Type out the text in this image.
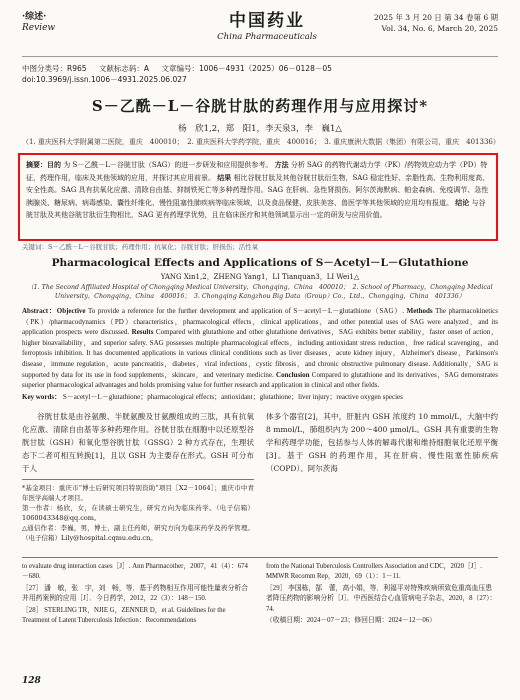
·综述·
Review	中国药业
China Pharmaceuticals
2025 年 3 月 20 日 第 34 卷第 6 期
Vol. 34, No. 6, March 20, 2025
中图分类号：R965 文献标志码：A 文章编号：1006－4931（2025）06－0128－05
doi:10.3969/j.issn.1006－4931.2025.06.027
S－乙酰－L－谷胱甘肽的药理作用与应用探讨*
杨　欣1,2，郑　阳1，李天泉3，李　巍1△
（1. 重庆医科大学附属第二医院，重庆　400010；　2. 重庆医科大学药学院，重庆　400016；　3. 重庆康洲大数据（集团）有限公司，重庆　401336）
摘要：目的 为 S－乙酰－L－谷胱甘肽（SAG）的进一步研发和应用提供参考。 方法 分析 SAG 的药物代谢动力学（PK）/药物效应动力学（PD）特征，药理作用，临床及其他领域的应用，并探讨其应用前景。 结果 相比谷胱甘肽及其他谷胱甘肽衍生物，SAG 稳定性好、亲脂性高、生物利用度高、安全性高。SAG 具有抗氧化应激、清除自由基、抑制铁死亡等多种药理作用。SAG 在肝病、急性肾损伤、阿尔茨海默病、帕金森病、免疫调节、急性胰腺炎、糖尿病、病毒感染、囊性纤维化、慢性阻塞性肺疾病等临床领域，以及食品保健、皮肤美容、兽医学等其他领域的应用均有报道。 结论 与谷胱甘肽及其他谷胱甘肽衍生物相比，SAG 更有药理学优势，且在临床医疗和其他领域显示出一定的研发与应用价值。
关键词：S－乙酰－L－谷胱甘肽；药理作用；抗氧化；谷胱甘肽；肝损伤；活性氧
Pharmacological Effects and Applications of S－Acetyl－L－Glutathione
YANG Xin1,2，ZHENG Yang1，LI Tianquan3，LI Wei1△
（1. The Second Affiliated Hospital of Chongqing Medical University，Chongqing，China　400010；　2. School of Pharmacy，Chongqing Medical University，Chongqing，China　400016；　3. Chongqing Kangzhou Big Data（Group）Co.，Ltd.，Chongqing，China　401336）
Abstract：Objective To provide a reference for the further development and application of S－acetyl－L－glutathione（SAG）. Methods The pharmacokinetics（PK）/pharmacodynamics（PD）characteristics，pharmacological effects，clinical applications，and other potential uses of SAG were analyzed，and its application prospects were discussed. Results Compared with glutathione and other glutathione derivatives，SAG exhibits better stability，faster onset of action，higher bioavailability，and superior safety. SAG possesses multiple pharmacological effects，including antioxidant stress reduction，free radical scavenging，and ferroptosis inhibition. It has documented applications in various clinical conditions such as liver diseases，acute kidney injury，Alzheimer's disease，Parkinson's disease，immune regulation，acute pancreatitis，diabetes，viral infections，cystic fibrosis，and chronic obstructive pulmonary disease. Additionally，SAG is supported by data for its use in food supplements，skincare，and veterinary medicine. Conclusion Compared to glutathione and its derivatives，SAG demonstrates superior pharmacological advantages and holds promising value for further research and application in clinical and other fields.
Key words： S－acetyl－L－glutathione；pharmacological effects；antioxidant；glutathione；liver injury；reactive oxygen species
谷胱甘肽是由谷氨酸、半胱氨酸及甘氨酸组成的三肽，具有抗氧化应激、清除自由基等多种药理作用。谷胱甘肽在细胞中以还原型谷胱甘肽（GSH）和氧化型谷胱甘肽（GSSG）2 种方式存在，生理状态下二者可相互转换[1]，且以 GSH 为主要存在形式。GSH 可分布于人
*基金项目：重庆市“博士后研究项目特别资助”项目［X2－1064］；重庆市中青年医学高端人才项目。
第一作者：杨欣，女，在读硕士研究生，研究方向为临床药学。（电子信箱）1060043348@qq.com。
△通信作者：李巍，男，博士，副主任药师，研究方向为临床药学及药学管理。（电子信箱）Lily@hospital.cqmu.edu.cn。
体多个器官[2]，其中，肝脏内 GSH 浓度约 10 mmol/L，大脑中约 8 mmol/L，肺组织内为 200～400 μmol/L。GSH 具有重要的生物学和药理学功能，包括参与人体的解毒代谢和维持细胞氧化还原平衡[3]。基于 GSH 的药理作用，其在肝病、慢性阻塞性肺疾病（COPD）、阿尔茨海

to evaluate drug interaction cases［J］. Ann Pharmacother，2007，41（4）：674－680.

［27］ 潘　敏，张　宇，刘　畅，等．基于药物相互作用可能性量表分析合并用药案例的应用［J］．今日药学，2012，22（3）：148－150.

［28］ STERLING TR，NJIE G，ZENNER D，et al. Guidelines for the Treatment of Latent Tuberculosis Infection：Recommendations

from the National Tuberculosis Controllers Association and CDC，2020［J］. MMWR Recomm Rep，2020，69（1）：1－11.

［29］ 李国栋，郜　蕾，高小娟，等．利福平对特殊疾病所致危重高血压患者降压药物的影响分析［J］．中西医结合心血管病电子杂志，2020，8（27）：74.

（收稿日期：2024－07－23；修回日期：2024－12－06）

128
